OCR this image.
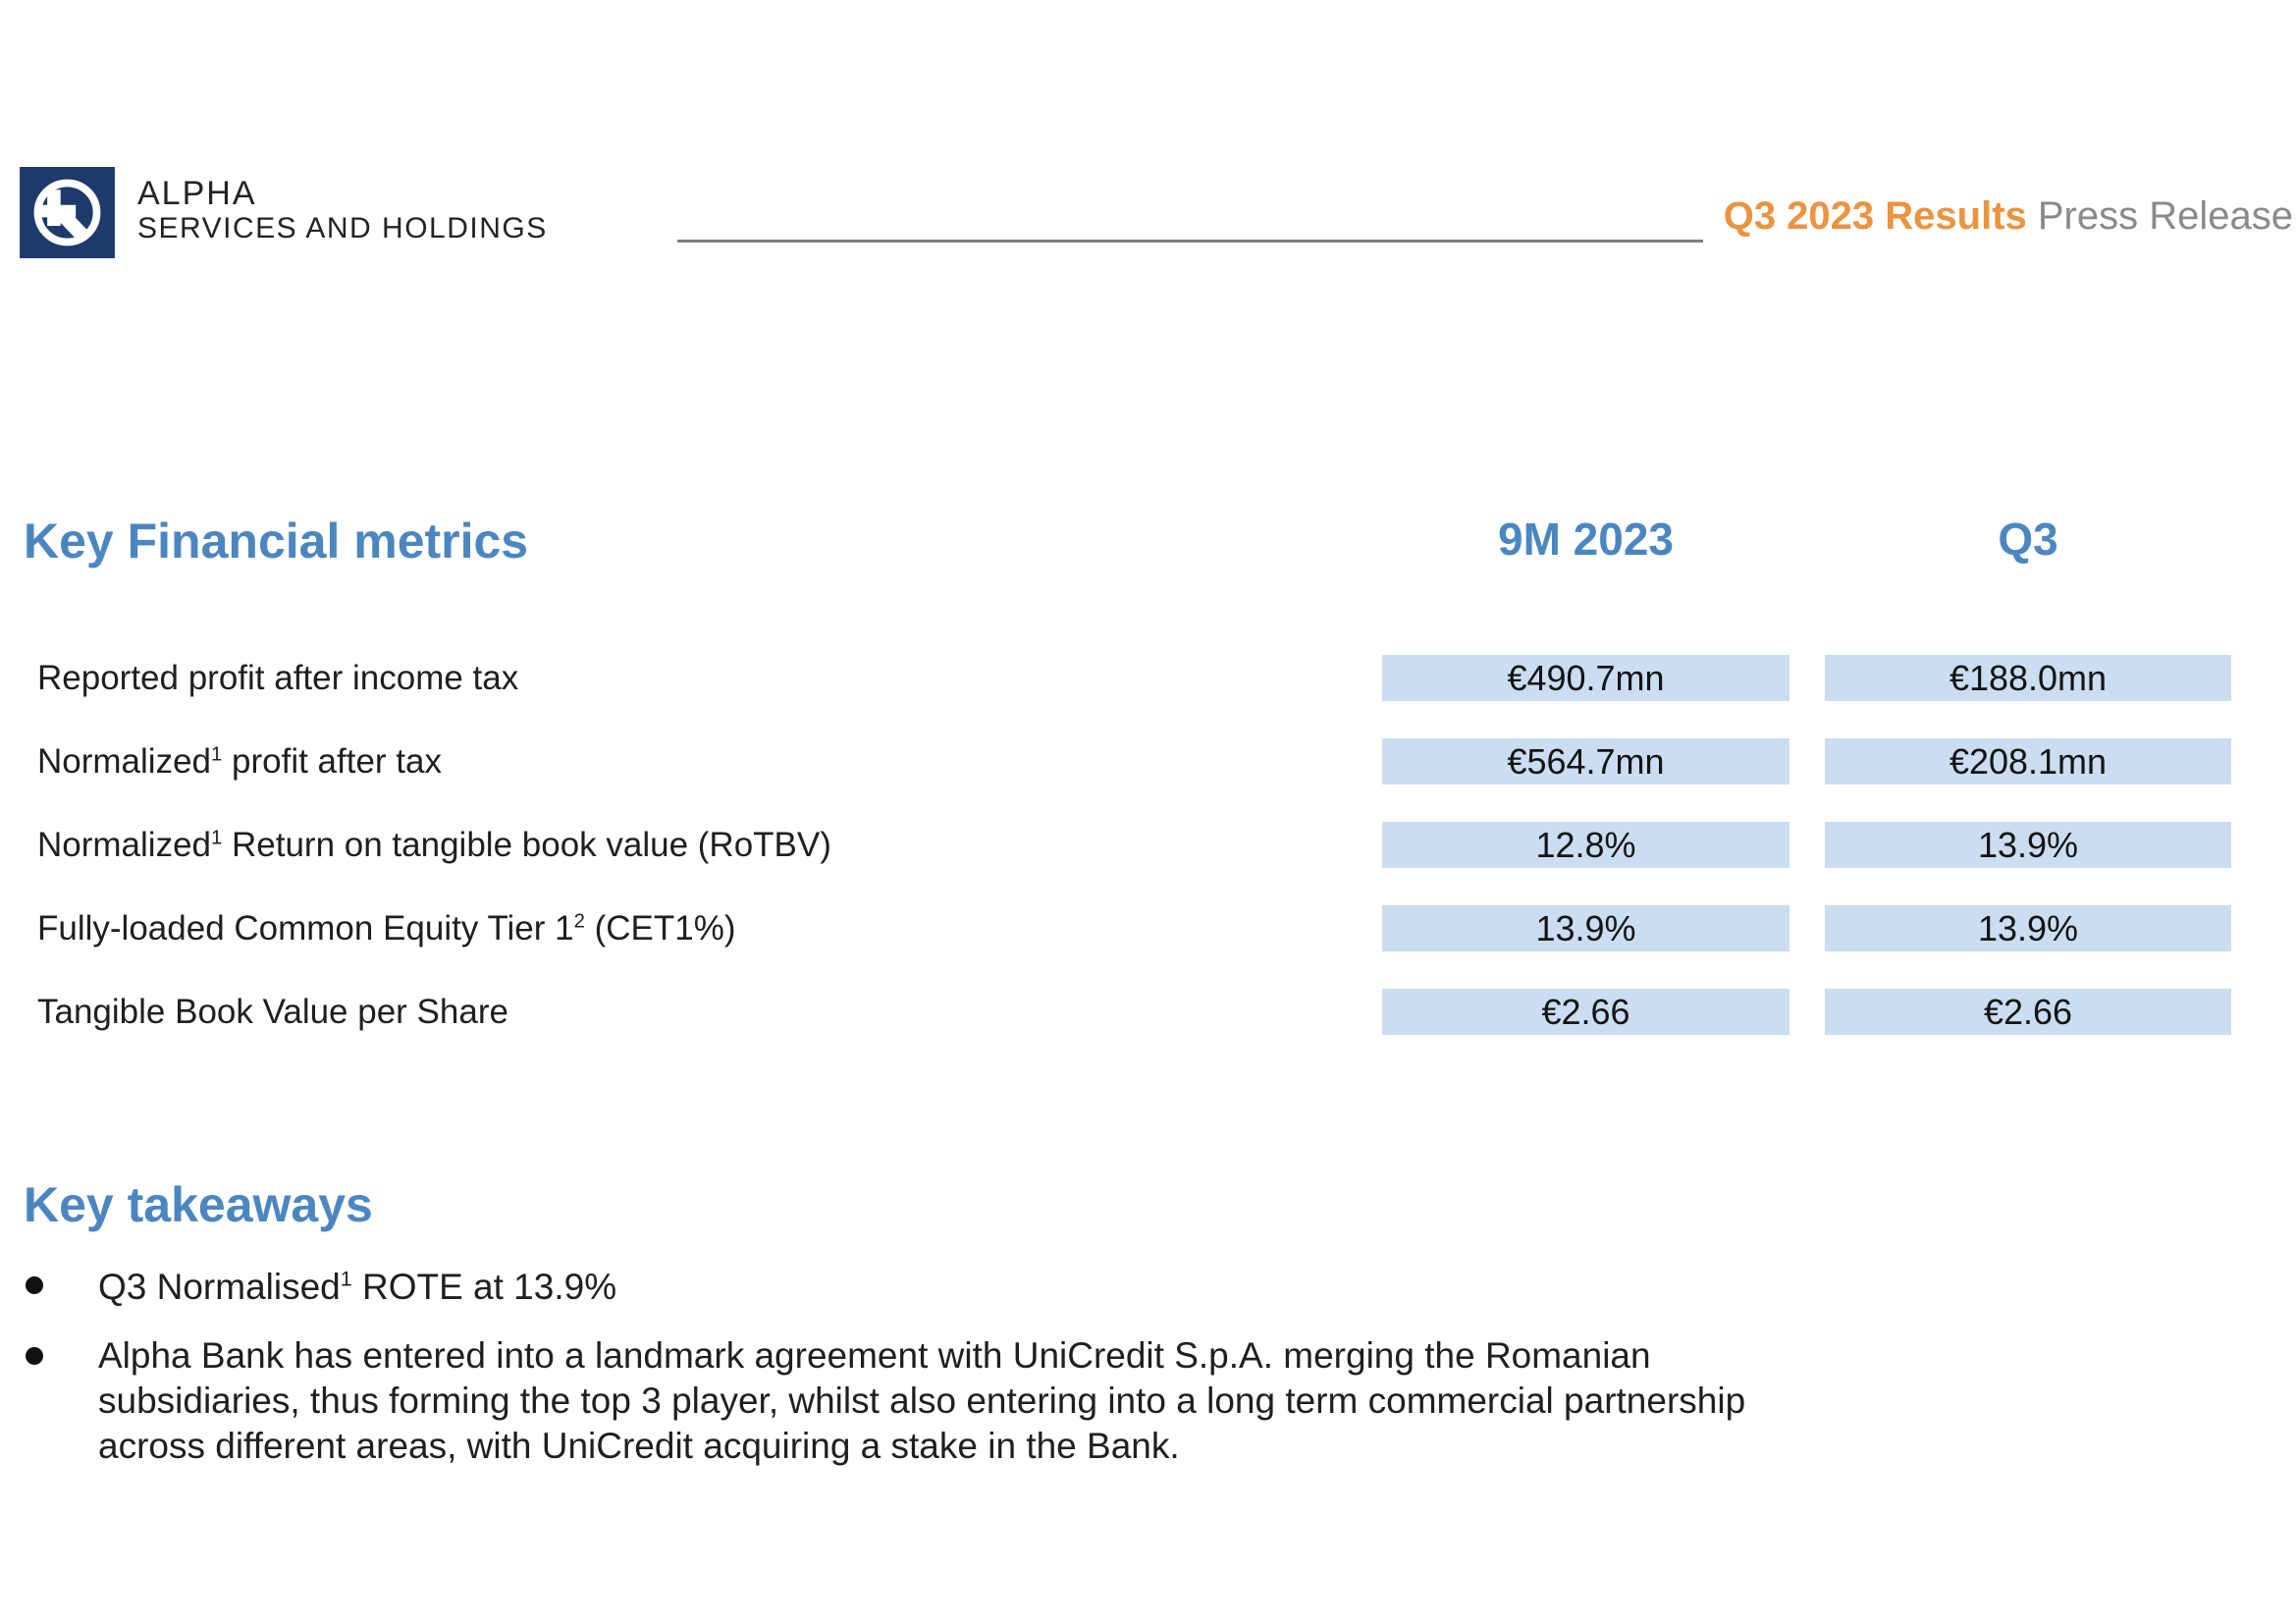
ALPHA
SERVICES AND HOLDINGS	Q3 2023 Results Press Release
Key Financial metrics	9M 2023	Q3
Reported profit after income tax	€490.7mn	€188.0mn
Normalized$^1$ profit after tax	€564.7mn	€208.1mn
Normalized$^1$ Return on tangible book value (RoTBV)	12.8%	13.9%
Fully-loaded Common Equity Tier $1^2$ (CET1%)	13.9%	13.9%
Tangible Book Value per Share	€2.66	€2.66
Key takeaways
Q3 Normalised$^1$ ROTE at 13.9%
Alpha Bank has entered into a landmark agreement with UniCredit S.p.A. merging the Romanian
subsidiaries, thus forming the top 3 player, whilst also entering into a long term commercial partnership
across different areas, with UniCredit acquiring a stake in the Bank.
